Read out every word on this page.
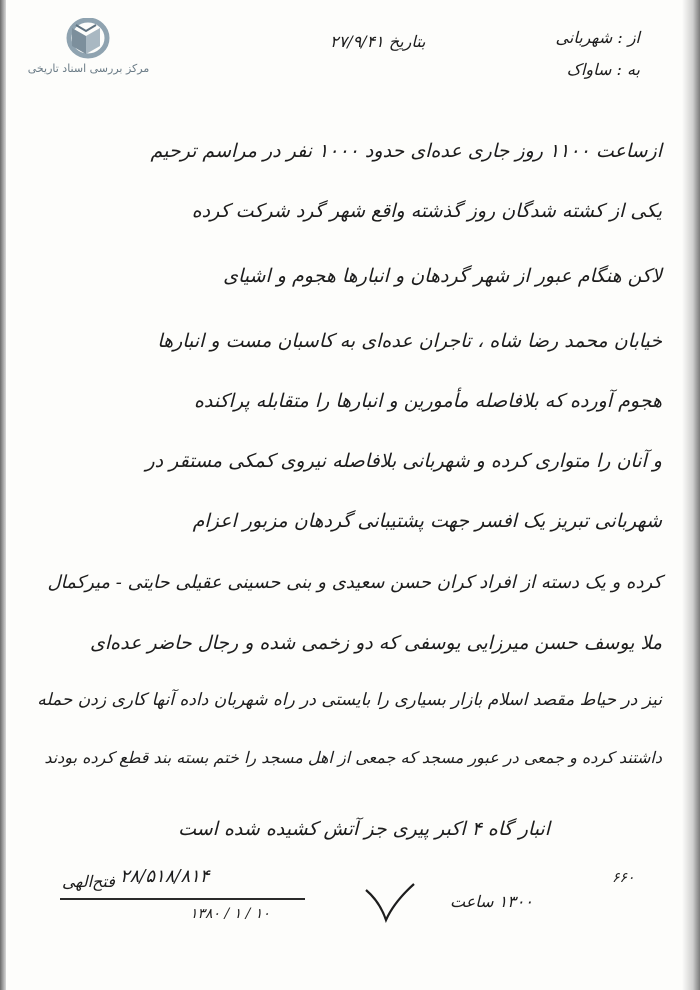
مرکز بررسی اسناد تاریخی
از : شهربانی
به : ساواک
بتاریخ ۲۷/۹/۴۱
ازساعت ۱۱۰۰ روز جاری عده‌ای حدود ۱۰۰۰ نفر در مراسم ترحیم
یکی از کشته شدگان روز گذشته واقع شهر گرد شرکت کرده
لاکن هنگام عبور از شهر گردهان و انبارها هجوم و اشیای
خیابان محمد رضا شاه ، تاجران عده‌ای به کاسبان مست و انبارها
هجوم آورده که بلافاصله مأمورین و انبارها را متقابله پراکنده
و آنان را متواری کرده و شهربانی بلافاصله نیروی کمکی مستقر در
شهربانی تبریز یک افسر جهت پشتیبانی گردهان مزبور اعزام
کرده و یک دسته از افراد کران حسن سعیدی و بنی حسینی عقیلی حایتی - میرکمال
ملا یوسف حسن میرزایی یوسفی که دو زخمی شده و رجال حاضر عده‌ای
نیز در حیاط مقصد اسلام بازار بسیاری را بایستی در راه شهربان داده آنها کاری زدن حمله
داشتند کرده و جمعی در عبور مسجد که جمعی از اهل مسجد را ختم بسته بند قطع کرده بودند
انبار گاه ۴ اکبر پیری جز آتش کشیده شده است
۲۸/۵۱۸/۸۱۴
فتح‌الهی
۱۰ / ۱ / ۱۳۸۰
۱۳۰۰ ساعت
۶۶۰
